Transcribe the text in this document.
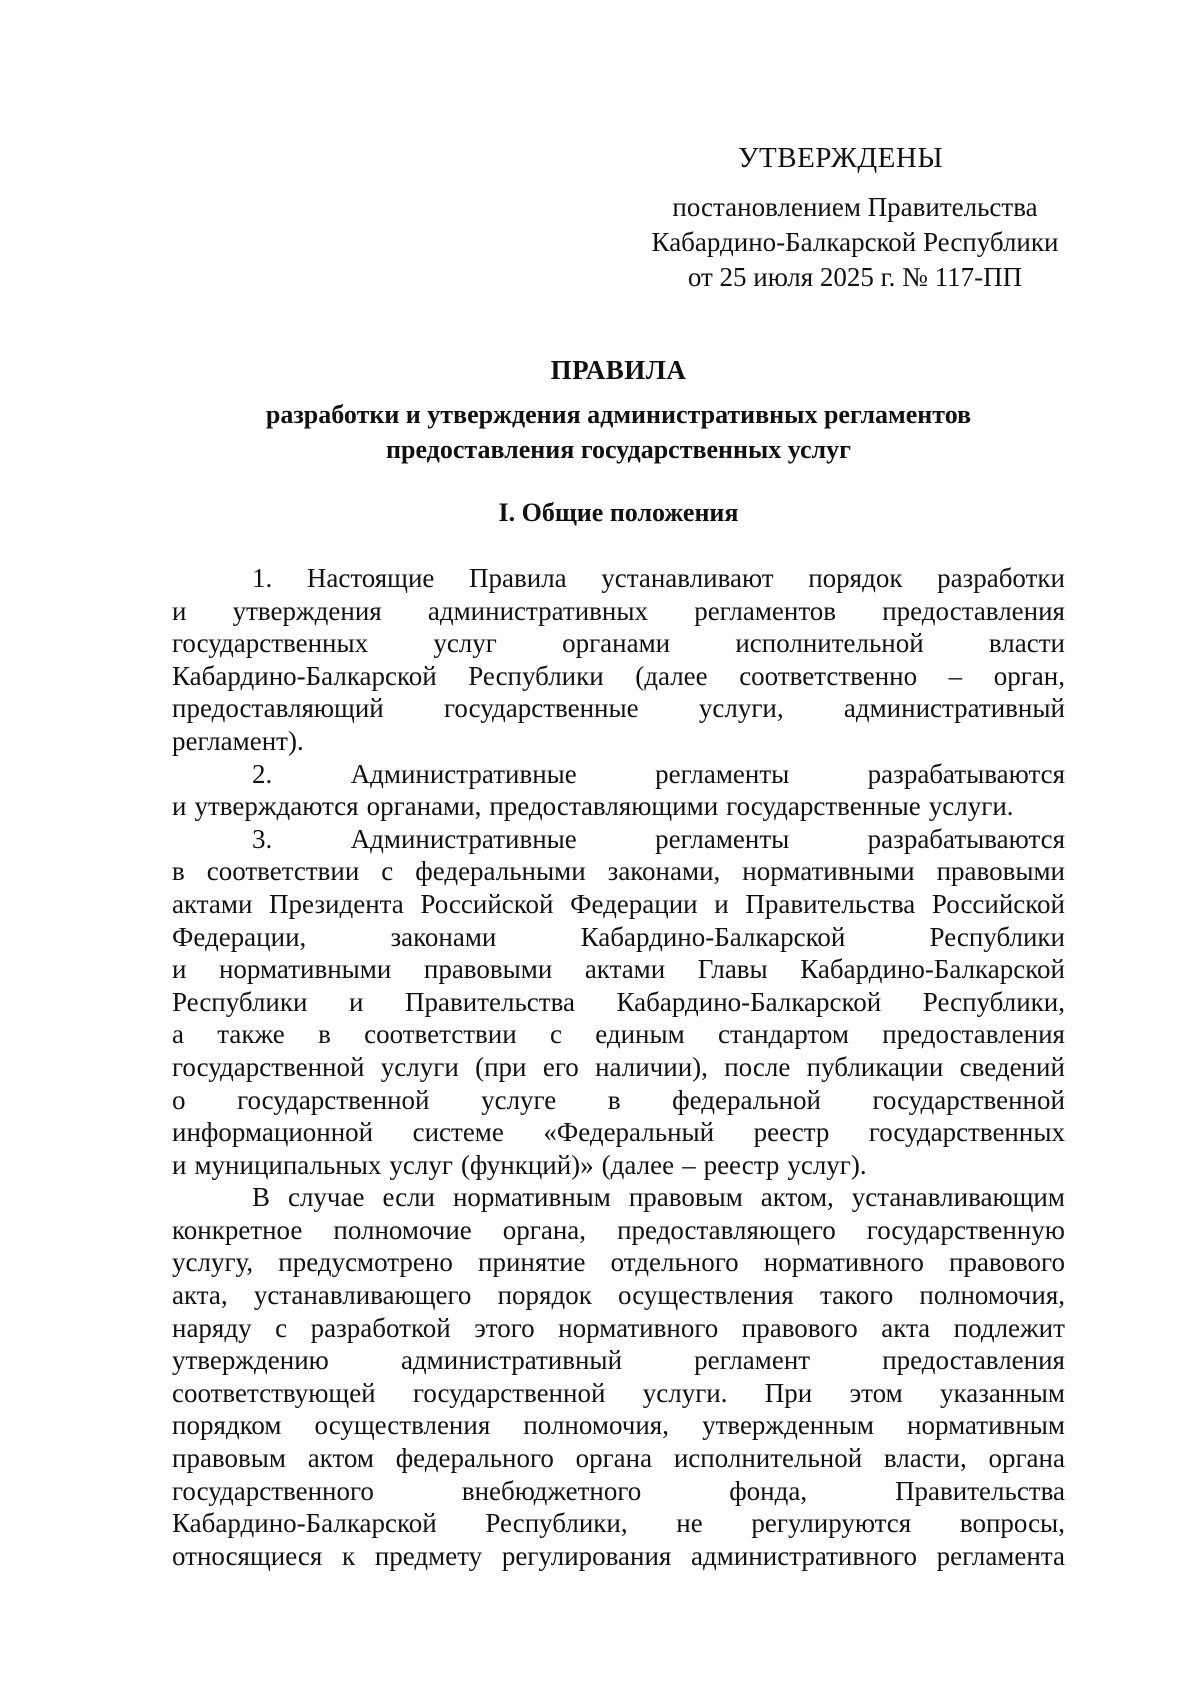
УТВЕРЖДЕНЫ
постановлением Правительства
Кабардино-Балкарской Республики
от 25 июля 2025 г. № 117-ПП
ПРАВИЛА
разработки и утверждения административных регламентов
предоставления государственных услуг
I. Общие положения
1. Настоящие Правила устанавливают порядок разработки
и утверждения административных регламентов предоставления
государственных услуг органами исполнительной власти
Кабардино-Балкарской Республики (далее соответственно – орган,
предоставляющий государственные услуги, административный
регламент).
2.	Административные	регламенты	разрабатываются
и утверждаются органами, предоставляющими государственные услуги.
3.	Административные	регламенты	разрабатываются
в соответствии с федеральными законами, нормативными правовыми
актами Президента Российской Федерации и Правительства Российской
Федерации,	законами	Кабардино-Балкарской	Республики
и нормативными правовыми актами Главы Кабардино-Балкарской
Республики и Правительства Кабардино-Балкарской Республики,
а также в соответствии с единым стандартом предоставления
государственной услуги (при его наличии), после публикации сведений
о государственной услуге в федеральной государственной
информационной системе «Федеральный реестр государственных
и муниципальных услуг (функций)» (далее – реестр услуг).
В случае если нормативным правовым актом, устанавливающим
конкретное полномочие органа, предоставляющего государственную
услугу, предусмотрено принятие отдельного нормативного правового
акта, устанавливающего порядок осуществления такого полномочия,
наряду с разработкой этого нормативного правового акта подлежит
утверждению	административный	регламент	предоставления
соответствующей государственной услуги. При этом указанным
порядком осуществления полномочия, утвержденным нормативным
правовым актом федерального органа исполнительной власти, органа
государственного	внебюджетного	фонда,	Правительства
Кабардино-Балкарской Республики, не регулируются вопросы,
относящиеся к предмету регулирования административного регламента
